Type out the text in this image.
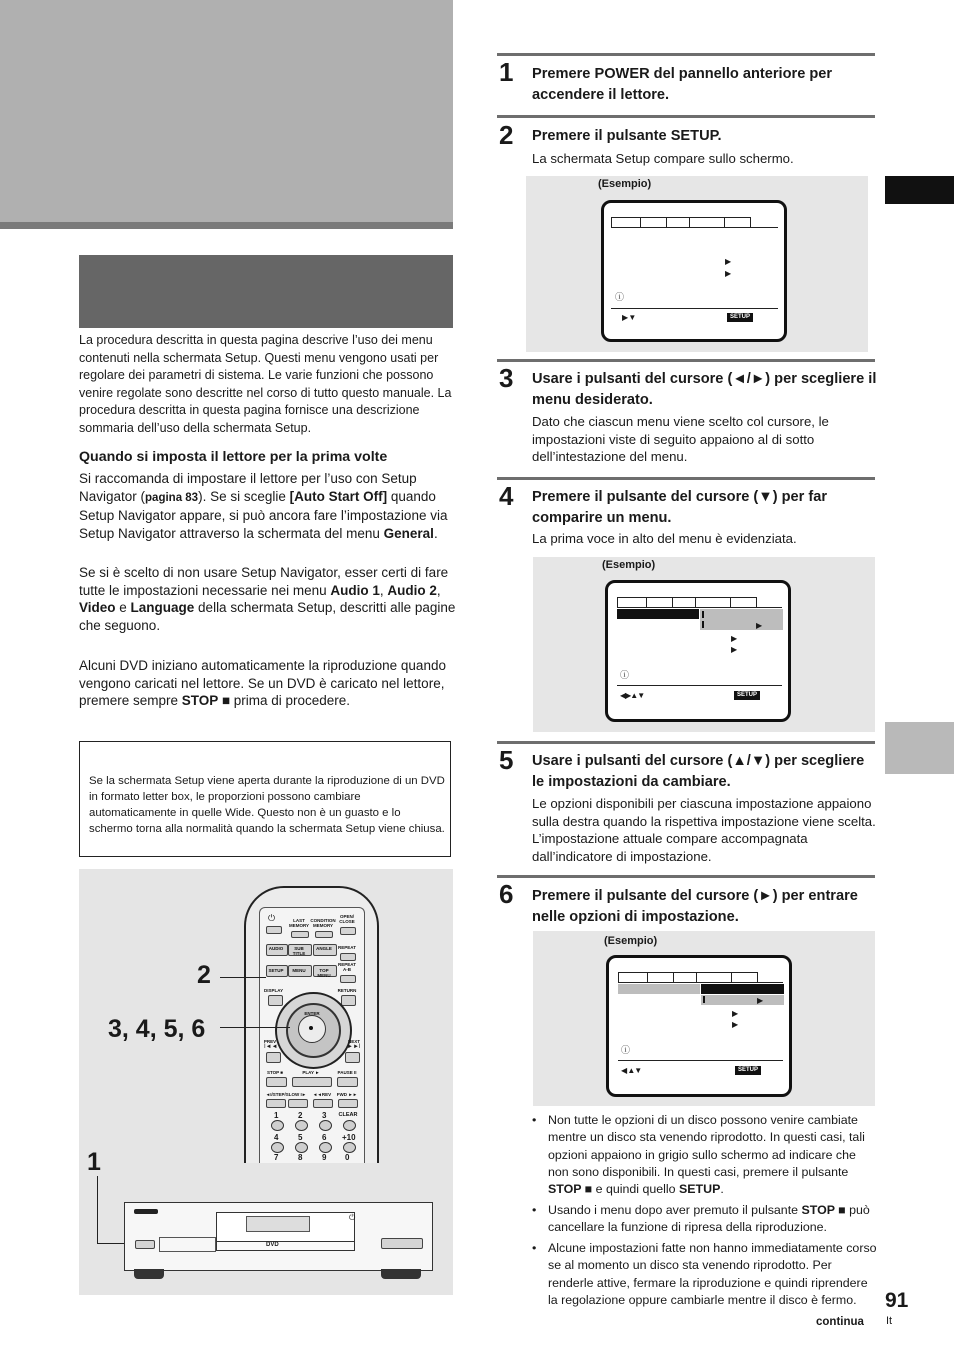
La procedura descritta in questa pagina descrive l’uso dei menu contenuti nella schermata Setup. Questi menu vengono usati per regolare dei parametri di sistema. Le varie funzioni che possono venire regolate sono descritte nel corso di tutto questo manuale. La procedura descritta in questa pagina fornisce una descrizione sommaria dell’uso della schermata Setup.
Quando si imposta il lettore per la prima volte
Si raccomanda di impostare il lettore per l’uso con Setup Navigator (pagina 83). Se si sceglie [Auto Start Off] quando Setup Navigator appare, si può ancora fare l’impostazione via Setup Navigator attraverso la schermata del menu General.
Se si è scelto di non usare Setup Navigator, esser certi di fare tutte le impostazioni necessarie nei menu Audio 1, Audio 2, Video e Language della schermata Setup, descritti alle pagine che seguono.
Alcuni DVD iniziano automaticamente la riproduzione quando vengono caricati nel lettore. Se un DVD è caricato nel lettore, premere sempre STOP ■ prima di procedere.
Se la schermata Setup viene aperta durante la riproduzione di un DVD in formato letter box, le proporzioni possono cambiare automaticamente in quelle Wide. Questo non è un guasto e lo schermo torna alla normalità quando la schermata Setup viene chiusa.
⏻	LAST MEMORY
CONDITION MEMORY
OPEN/ CLOSE
AUDIO	SUB TITLE
ANGLE	REPEAT
SETUP	MENU	TOP MENU
REPEAT A-B
DISPLAY	RETURN
ENTER
PREV
I◄◄
NEXT
►►I
STOP ■	PLAY ►	PAUSE II
◄I/STEP/SLOW I►	◄◄REV	FWD ►►
1 2 3 CLEAR
4 5 6 +10
7 8 9 0
2
3, 4, 5, 6
1
DVD
⏻
1 Premere POWER del pannello anteriore per accendere il lettore.
2 Premere il pulsante SETUP.
La schermata Setup compare sullo schermo.
(Esempio)
▶
▶
ⓘ
▶ ▼	SETUP
3 Usare i pulsanti del cursore (◄/►) per scegliere il menu desiderato.
Dato che ciascun menu viene scelto col cursore, le impostazioni viste di seguito appaiono al di sotto dell’intestazione del menu.
4 Premere il pulsante del cursore (▼) per far comparire un menu.
La prima voce in alto del menu è evidenziata.
(Esempio)
▶
▶
▶
ⓘ
◀▶▲▼	SETUP
5 Usare i pulsanti del cursore (▲/▼) per scegliere le impostazioni da cambiare.
Le opzioni disponibili per ciascuna impostazione appaiono sulla destra quando la rispettiva impostazione viene scelta. L’impostazione attuale compare accompagnata dall’indicatore di impostazione.
6 Premere il pulsante del cursore (►) per entrare nelle opzioni di impostazione.
(Esempio)
▶
▶
▶
ⓘ
◀ ▲▼	SETUP
• Non tutte le opzioni di un disco possono venire cambiate mentre un disco sta venendo riprodotto. In questi casi, tali opzioni appaiono in grigio sullo schermo ad indicare che non sono disponibili. In questi casi, premere il pulsante STOP ■ e quindi quello SETUP.
• Usando i menu dopo aver premuto il pulsante STOP ■ può cancellare la funzione di ripresa della riproduzione.
• Alcune impostazioni fatte non hanno immediatamente corso se al momento un disco sta venendo riprodotto. Per renderle attive, fermare la riproduzione e quindi riprendere la regolazione oppure cambiarle mentre il disco è fermo.
continua
91
It
